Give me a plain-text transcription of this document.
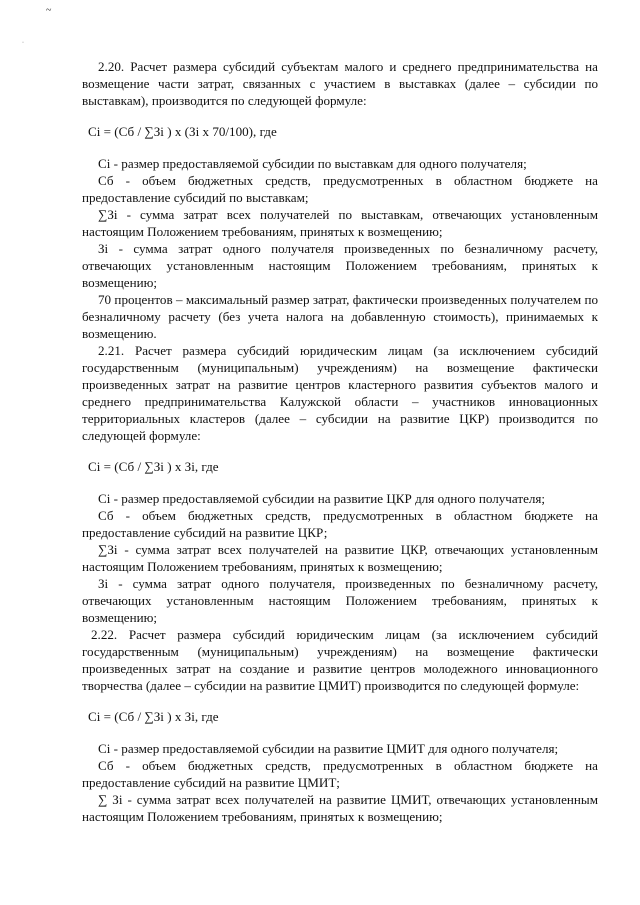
~
·

2.20. Расчет размера субсидий субъектам малого и среднего предпринимательства на возмещение части затрат, связанных с участием в выставках (далее – субсидии по выставкам), производится по следующей формуле:

Ci = (Сб / ∑Зi ) х (Зi х 70/100), где

Ci - размер предоставляемой субсидии по выставкам для одного получателя;

Сб - объем бюджетных средств, предусмотренных в областном бюджете на предоставление субсидий по выставкам;

∑Зi - сумма затрат всех получателей по выставкам, отвечающих установленным настоящим Положением требованиям, принятых к возмещению;

Зi - сумма затрат одного получателя произведенных по безналичному расчету, отвечающих установленным настоящим Положением требованиям, принятых к возмещению;

70 процентов – максимальный размер затрат, фактически произведенных получателем по безналичному расчету (без учета налога на добавленную стоимость), принимаемых к возмещению.

2.21. Расчет размера субсидий юридическим лицам (за исключением субсидий государственным (муниципальным) учреждениям) на возмещение фактически произведенных затрат на развитие центров кластерного развития субъектов малого и среднего предпринимательства Калужской области – участников инновационных территориальных кластеров (далее – субсидии на развитие ЦКР) производится по следующей формуле:

Ci = (Сб / ∑Зi ) х Зi, где

Ci - размер предоставляемой субсидии на развитие ЦКР для одного получателя;

Сб - объем бюджетных средств, предусмотренных в областном бюджете на предоставление субсидий на развитие ЦКР;

∑Зi - сумма затрат всех получателей на развитие ЦКР, отвечающих установленным настоящим Положением требованиям, принятых к возмещению;

Зi - сумма затрат одного получателя, произведенных по безналичному расчету, отвечающих установленным настоящим Положением требованиям, принятых к возмещению;

2.22. Расчет размера субсидий юридическим лицам (за исключением субсидий государственным (муниципальным) учреждениям) на возмещение фактически произведенных затрат на создание и развитие центров молодежного инновационного творчества (далее – субсидии на развитие ЦМИТ) производится по следующей формуле:

Ci = (Сб / ∑Зi ) х Зi, где

Ci - размер предоставляемой субсидии на развитие ЦМИТ для одного получателя;

Сб - объем бюджетных средств, предусмотренных в областном бюджете на предоставление субсидий на развитие ЦМИТ;

∑ Зi - сумма затрат всех получателей на развитие ЦМИТ, отвечающих установленным настоящим Положением требованиям, принятых к возмещению;
